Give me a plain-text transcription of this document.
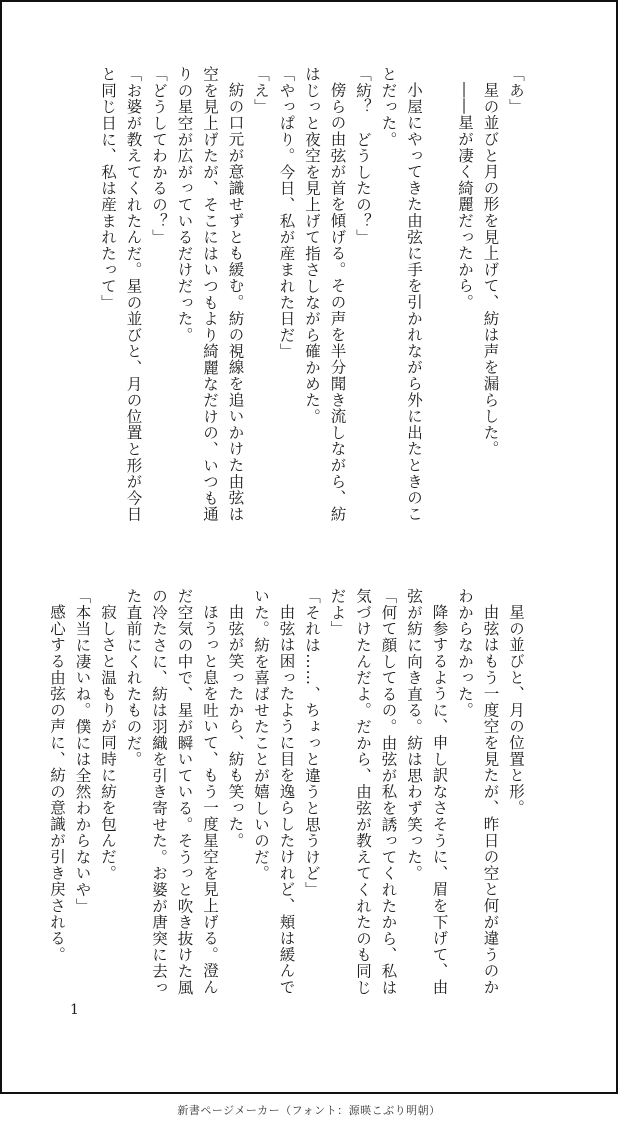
「あ」

星の並びと月の形を見上げて、紡は声を漏らした。

――星が凄く綺麗だったから。

小屋にやってきた由弦に手を引かれながら外に出たときのことだった。

「紡？　どうしたの？」

傍らの由弦が首を傾げる。その声を半分聞き流しながら、紡はじっと夜空を見上げて指さしながら確かめた。

「やっぱり。今日、私が産まれた日だ」

「え」

紡の口元が意識せずとも緩む。紡の視線を追いかけた由弦は空を見上げたが、そこにはいつもより綺麗なだけの、いつも通りの星空が広がっているだけだった。

「どうしてわかるの？」

「お婆が教えてくれたんだ。星の並びと、月の位置と形が今日と同じ日に、私は産まれたって」

星の並びと、月の位置と形。

由弦はもう一度空を見たが、昨日の空と何が違うのかわからなかった。

降参するように、申し訳なさそうに、眉を下げて、由弦が紡に向き直る。紡は思わず笑った。

「何て顔してるの。由弦が私を誘ってくれたから、私は気づけたんだよ。だから、由弦が教えてくれたのも同じだよ」

「それは……、ちょっと違うと思うけど」

由弦は困ったように目を逸らしたけれど、頬は緩んでいた。紡を喜ばせたことが嬉しいのだ。

由弦が笑ったから、紡も笑った。

ほうっと息を吐いて、もう一度星空を見上げる。澄んだ空気の中で、星が瞬いている。そうっと吹き抜けた風の冷たさに、紡は羽織を引き寄せた。お婆が唐突に去った直前にくれたものだ。

寂しさと温もりが同時に紡を包んだ。

「本当に凄いね。僕には全然わからないや」

感心する由弦の声に、紡の意識が引き戻される。

1
新書ページメーカー（フォント：源暎こぶり明朝）
